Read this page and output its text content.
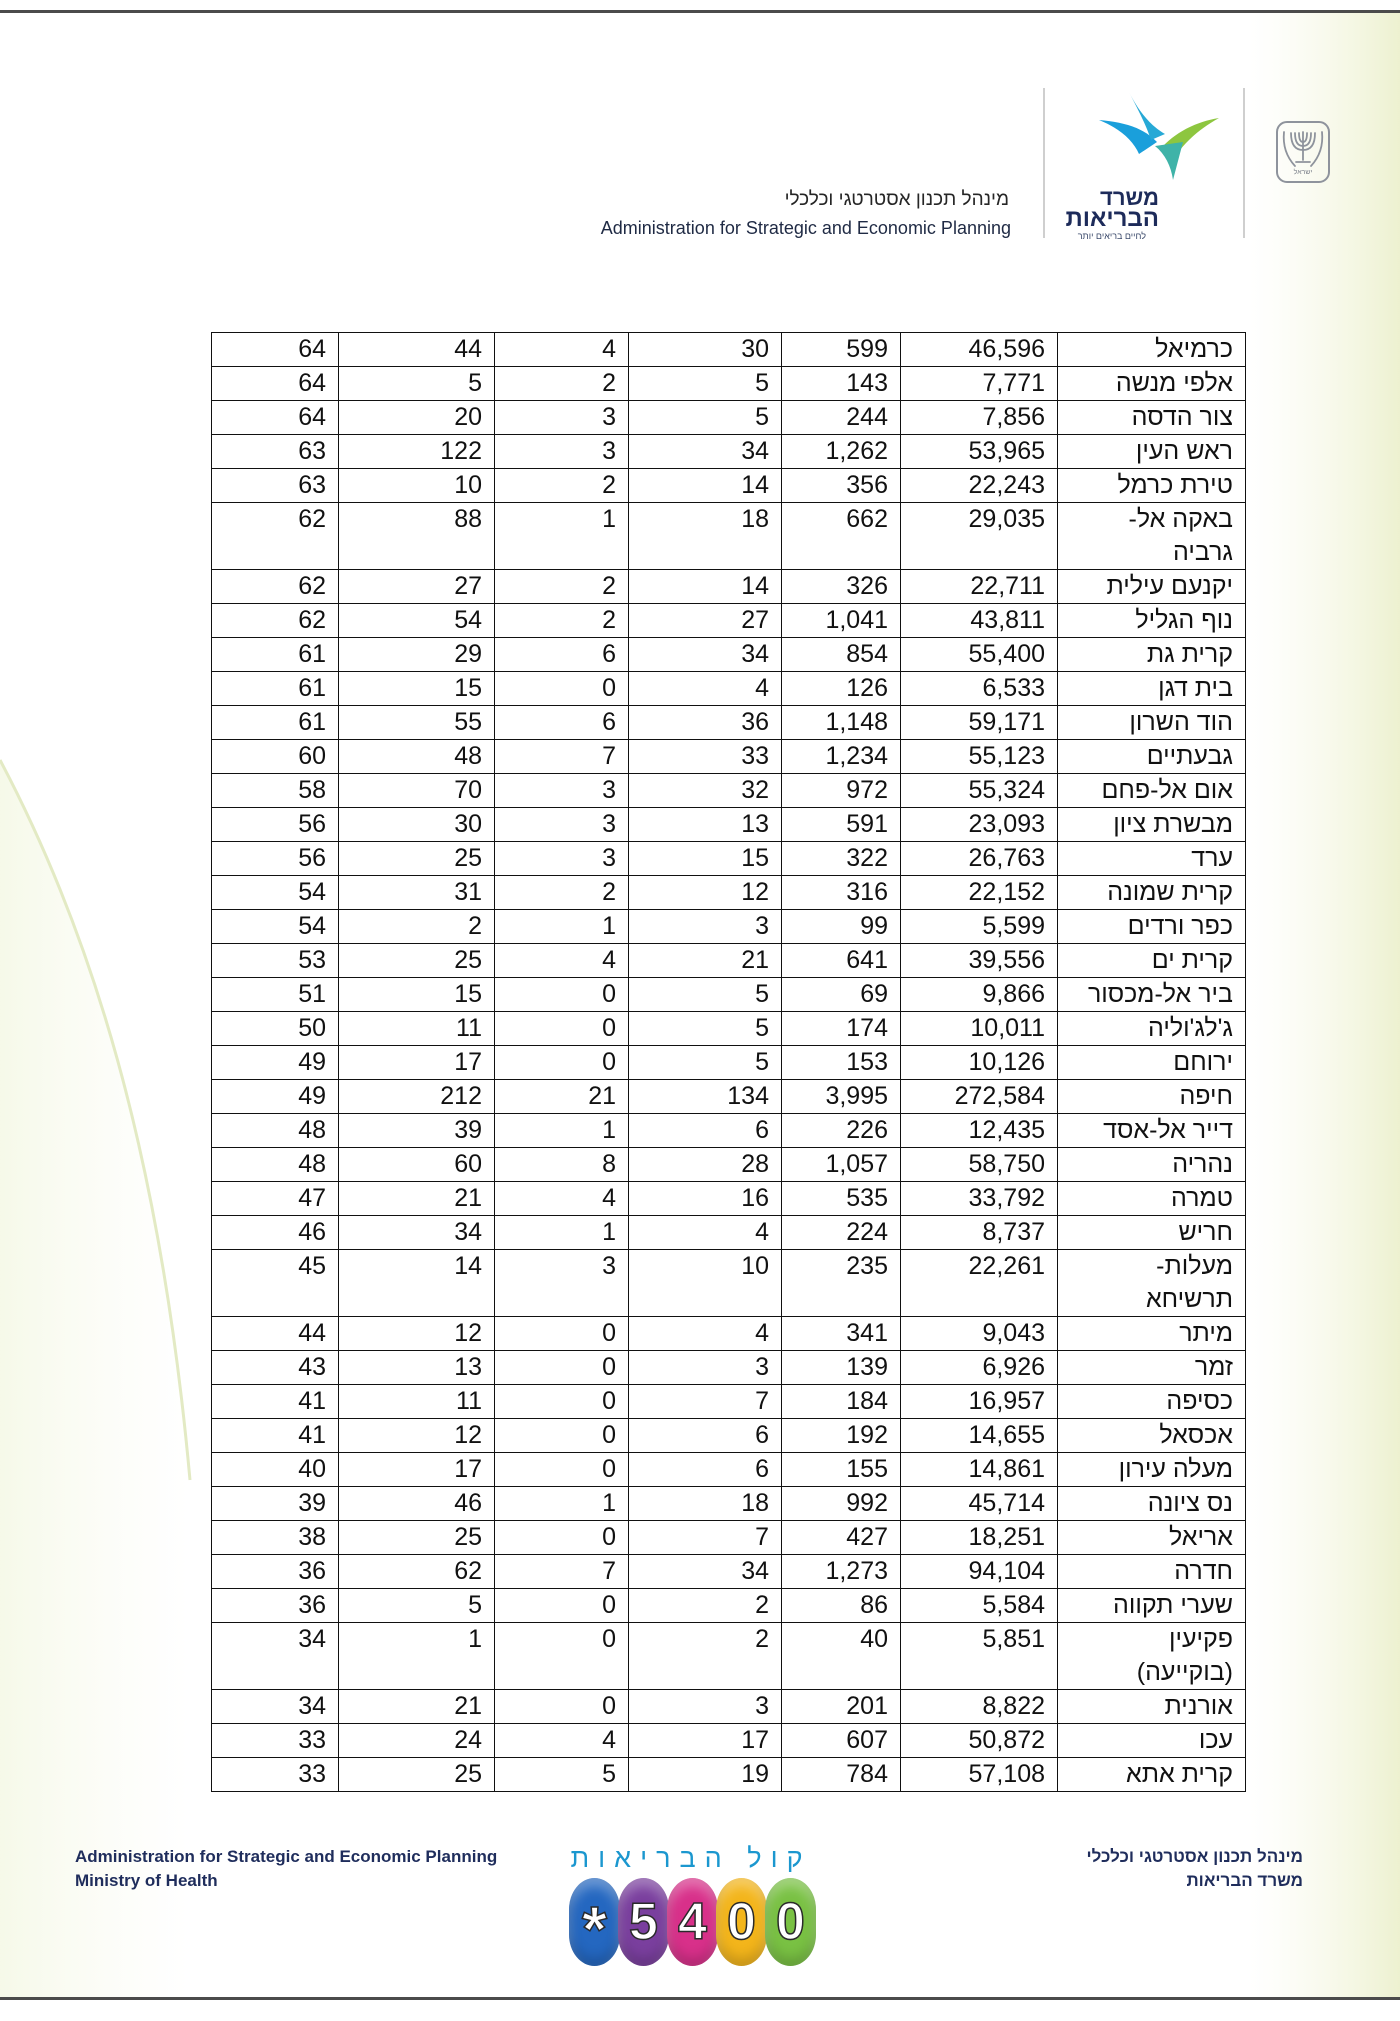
מינהל תכנון אסטרטגי וכלכלי
Administration for Strategic and Economic Planning
משרד
הבריאות
לחיים בריאים יותר
ישראל
כרמיאל	46,596	599	30	4	44	64
אלפי מנשה	7,771	143	5	2	5	64
צור הדסה	7,856	244	5	3	20	64
ראש העין	53,965	1,262	34	3	122	63
טירת כרמל	22,243	356	14	2	10	63
באקה אל-
גרביה	29,035	662	18	1	88	62
יקנעם עילית	22,711	326	14	2	27	62
נוף הגליל	43,811	1,041	27	2	54	62
קרית גת	55,400	854	34	6	29	61
בית דגן	6,533	126	4	0	15	61
הוד השרון	59,171	1,148	36	6	55	61
גבעתיים	55,123	1,234	33	7	48	60
אום אל-פחם	55,324	972	32	3	70	58
מבשרת ציון	23,093	591	13	3	30	56
ערד	26,763	322	15	3	25	56
קרית שמונה	22,152	316	12	2	31	54
כפר ורדים	5,599	99	3	1	2	54
קרית ים	39,556	641	21	4	25	53
ביר אל-מכסור	9,866	69	5	0	15	51
ג'לג'וליה	10,011	174	5	0	11	50
ירוחם	10,126	153	5	0	17	49
חיפה	272,584	3,995	134	21	212	49
דייר אל-אסד	12,435	226	6	1	39	48
נהריה	58,750	1,057	28	8	60	48
טמרה	33,792	535	16	4	21	47
חריש	8,737	224	4	1	34	46
מעלות-
תרשיחא	22,261	235	10	3	14	45
מיתר	9,043	341	4	0	12	44
זמר	6,926	139	3	0	13	43
כסיפה	16,957	184	7	0	11	41
אכסאל	14,655	192	6	0	12	41
מעלה עירון	14,861	155	6	0	17	40
נס ציונה	45,714	992	18	1	46	39
אריאל	18,251	427	7	0	25	38
חדרה	94,104	1,273	34	7	62	36
שערי תקווה	5,584	86	2	0	5	36
פקיעין
(בוקייעה)	5,851	40	2	0	1	34
אורנית	8,822	201	3	0	21	34
עכו	50,872	607	17	4	24	33
קרית אתא	57,108	784	19	5	25	33
Administration for Strategic and Economic Planning
Ministry of Health
קול הבריאות
* 5 4 0 0
מינהל תכנון אסטרטגי וכלכלי
משרד הבריאות
